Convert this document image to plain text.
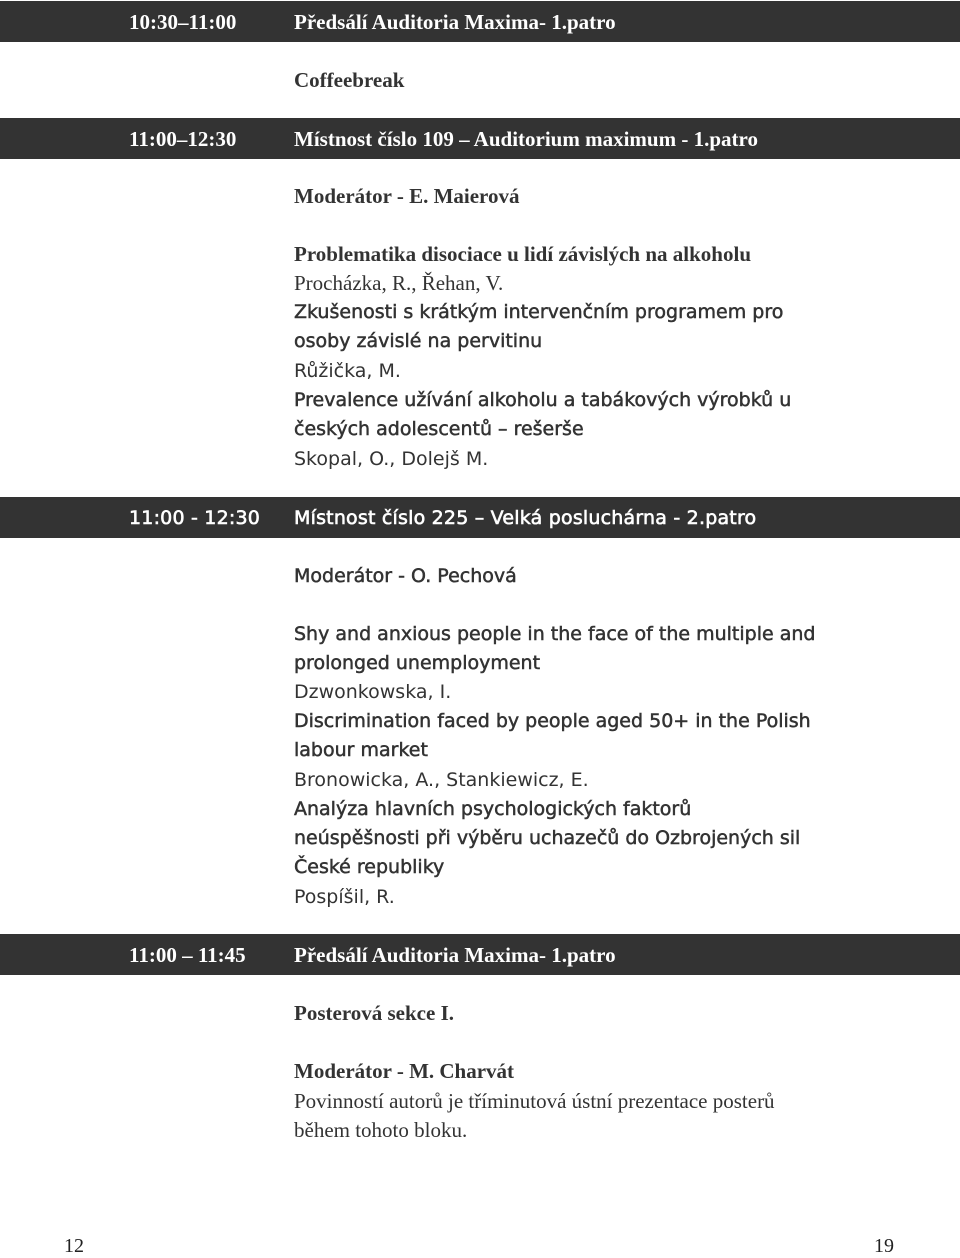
10:30–11:00	Předsálí Auditoria Maxima- 1.patro
Coffeebreak
11:00–12:30	Místnost číslo 109 – Auditorium maximum - 1.patro
Moderátor - E. Maierová
Problematika disociace u lidí závislých na alkoholu
Procházka, R., Řehan, V.
Zkušenosti s krátkým intervenčním programem pro
osoby závislé na pervitinu
Růžička, M.
Prevalence užívání alkoholu a tabákových výrobků u
českých adolescentů – rešerše
Skopal, O., Dolejš M.
11:00 - 12:30 Místnost číslo 225 – Velká posluchárna - 2.patro
Moderátor - O. Pechová
Shy and anxious people in the face of the multiple and
prolonged unemployment
Dzwonkowska, I.
Discrimination faced by people aged 50+ in the Polish
labour market
Bronowicka, A., Stankiewicz, E.
Analýza hlavních psychologických faktorů
neúspěšnosti při výběru uchazečů do Ozbrojených sil
České republiky
Pospíšil, R.
11:00 – 11:45 Předsálí Auditoria Maxima- 1.patro
Posterová sekce I.
Moderátor - M. Charvát
Povinností autorů je tříminutová ústní prezentace posterů
během tohoto bloku.
12	19
